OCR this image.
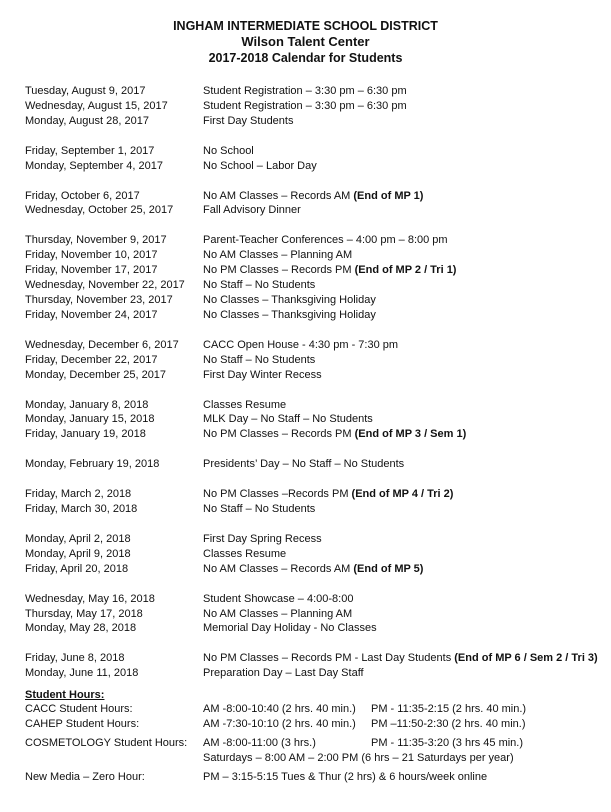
INGHAM INTERMEDIATE SCHOOL DISTRICT
Wilson Talent Center
2017-2018 Calendar for Students
Tuesday, August 9, 2017	Student Registration – 3:30 pm – 6:30 pm
Wednesday, August 15, 2017	Student Registration – 3:30 pm – 6:30 pm
Monday, August 28, 2017	First Day Students
Friday, September 1, 2017	No School
Monday, September 4, 2017	No School – Labor Day
Friday, October 6, 2017	No AM Classes – Records AM (End of MP 1)
Wednesday, October 25, 2017	Fall Advisory Dinner
Thursday, November 9, 2017	Parent-Teacher Conferences – 4:00 pm – 8:00 pm
Friday, November 10, 2017	No AM Classes – Planning AM
Friday, November 17, 2017	No PM Classes – Records PM (End of MP 2 / Tri 1)
Wednesday, November 22, 2017	No Staff – No Students
Thursday, November 23, 2017	No Classes – Thanksgiving Holiday
Friday, November 24, 2017	No Classes – Thanksgiving Holiday
Wednesday, December 6, 2017	CACC Open House - 4:30 pm - 7:30 pm
Friday, December 22, 2017	No Staff – No Students
Monday, December 25, 2017	First Day Winter Recess
Monday, January 8, 2018	Classes Resume
Monday, January 15, 2018	MLK Day – No Staff – No Students
Friday, January 19, 2018	No PM Classes – Records PM (End of MP 3 / Sem 1)
Monday, February 19, 2018	Presidents’ Day – No Staff – No Students
Friday, March 2, 2018	No PM Classes –Records PM (End of MP 4 / Tri 2)
Friday, March 30, 2018	No Staff – No Students
Monday, April 2, 2018	First Day Spring Recess
Monday, April 9, 2018	Classes Resume
Friday, April 20, 2018	No AM Classes – Records AM (End of MP 5)
Wednesday, May 16, 2018	Student Showcase – 4:00-8:00
Thursday, May 17, 2018	No AM Classes – Planning AM
Monday, May 28, 2018	Memorial Day Holiday - No Classes
Friday, June 8, 2018	No PM Classes – Records PM - Last Day Students (End of MP 6 / Sem 2 / Tri 3)
Monday, June 11, 2018	Preparation Day – Last Day Staff
Student Hours:
CACC Student Hours:	AM -8:00-10:40 (2 hrs. 40 min.)	PM - 11:35-2:15 (2 hrs. 40 min.)
CAHEP Student Hours:	AM -7:30-10:10 (2 hrs. 40 min.)	PM –11:50-2:30 (2 hrs. 40 min.)
COSMETOLOGY Student Hours:	AM -8:00-11:00 (3 hrs.)	PM - 11:35-3:20 (3 hrs 45 min.)
Saturdays – 8:00 AM – 2:00 PM (6 hrs – 21 Saturdays per year)
New Media – Zero Hour:	PM – 3:15-5:15 Tues & Thur (2 hrs) & 6 hours/week online
